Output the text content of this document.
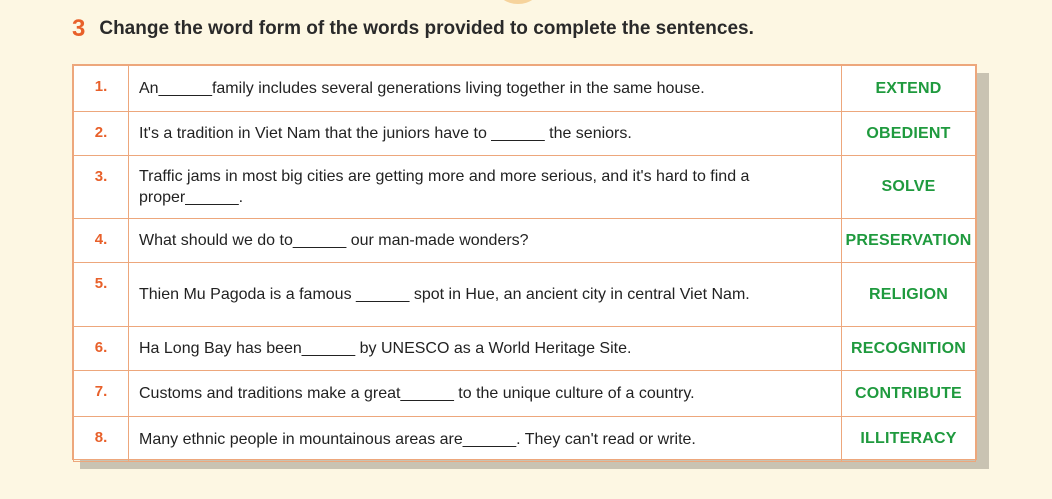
3 Change the word form of the words provided to complete the sentences.
1.	An______family includes several generations living together in the same house.	EXTEND
2.	It's a tradition in Viet Nam that the juniors have to ______ the seniors.	OBEDIENT
3.	Traffic jams in most big cities are getting more and more serious, and it's hard to find a proper______.	SOLVE
4.	What should we do to______ our man-made wonders?	PRESERVATION
5.	Thien Mu Pagoda is a famous ______ spot in Hue, an ancient city in central Viet Nam.	RELIGION
6.	Ha Long Bay has been______ by UNESCO as a World Heritage Site.	RECOGNITION
7.	Customs and traditions make a great______ to the unique culture of a country.	CONTRIBUTE
8.	Many ethnic people in mountainous areas are______. They can't read or write.	ILLITERACY
